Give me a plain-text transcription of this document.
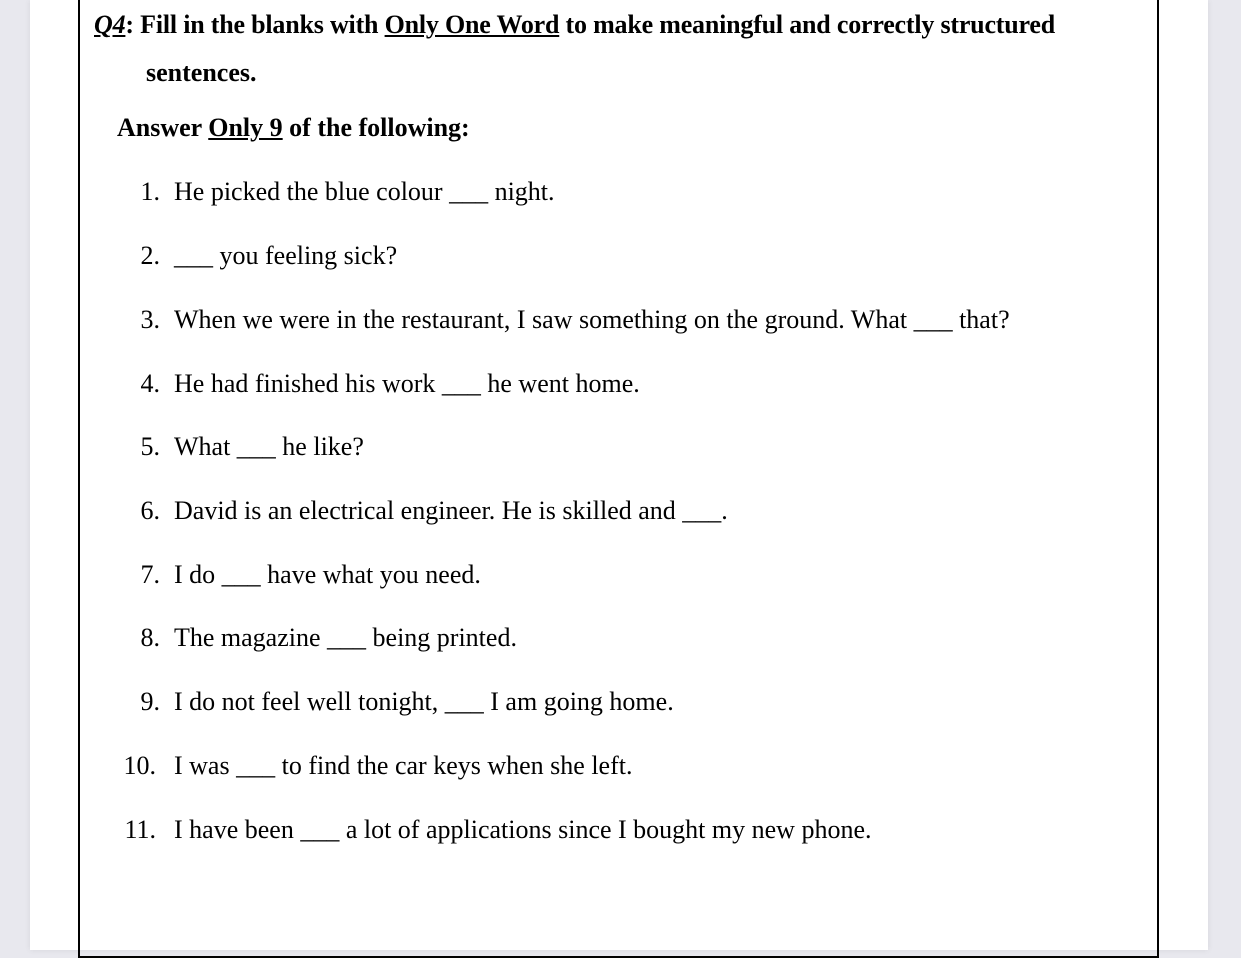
Q4: Fill in the blanks with Only One Word to make meaningful and correctly structured
sentences.
Answer Only 9 of the following:
1. He picked the blue colour ___ night.
2. ___ you feeling sick?
3. When we were in the restaurant, I saw something on the ground. What ___ that?
4. He had finished his work ___ he went home.
5. What ___ he like?
6. David is an electrical engineer. He is skilled and ___.
7. I do ___ have what you need.
8. The magazine ___ being printed.
9. I do not feel well tonight, ___ I am going home.
10. I was ___ to find the car keys when she left.
11. I have been ___ a lot of applications since I bought my new phone.
